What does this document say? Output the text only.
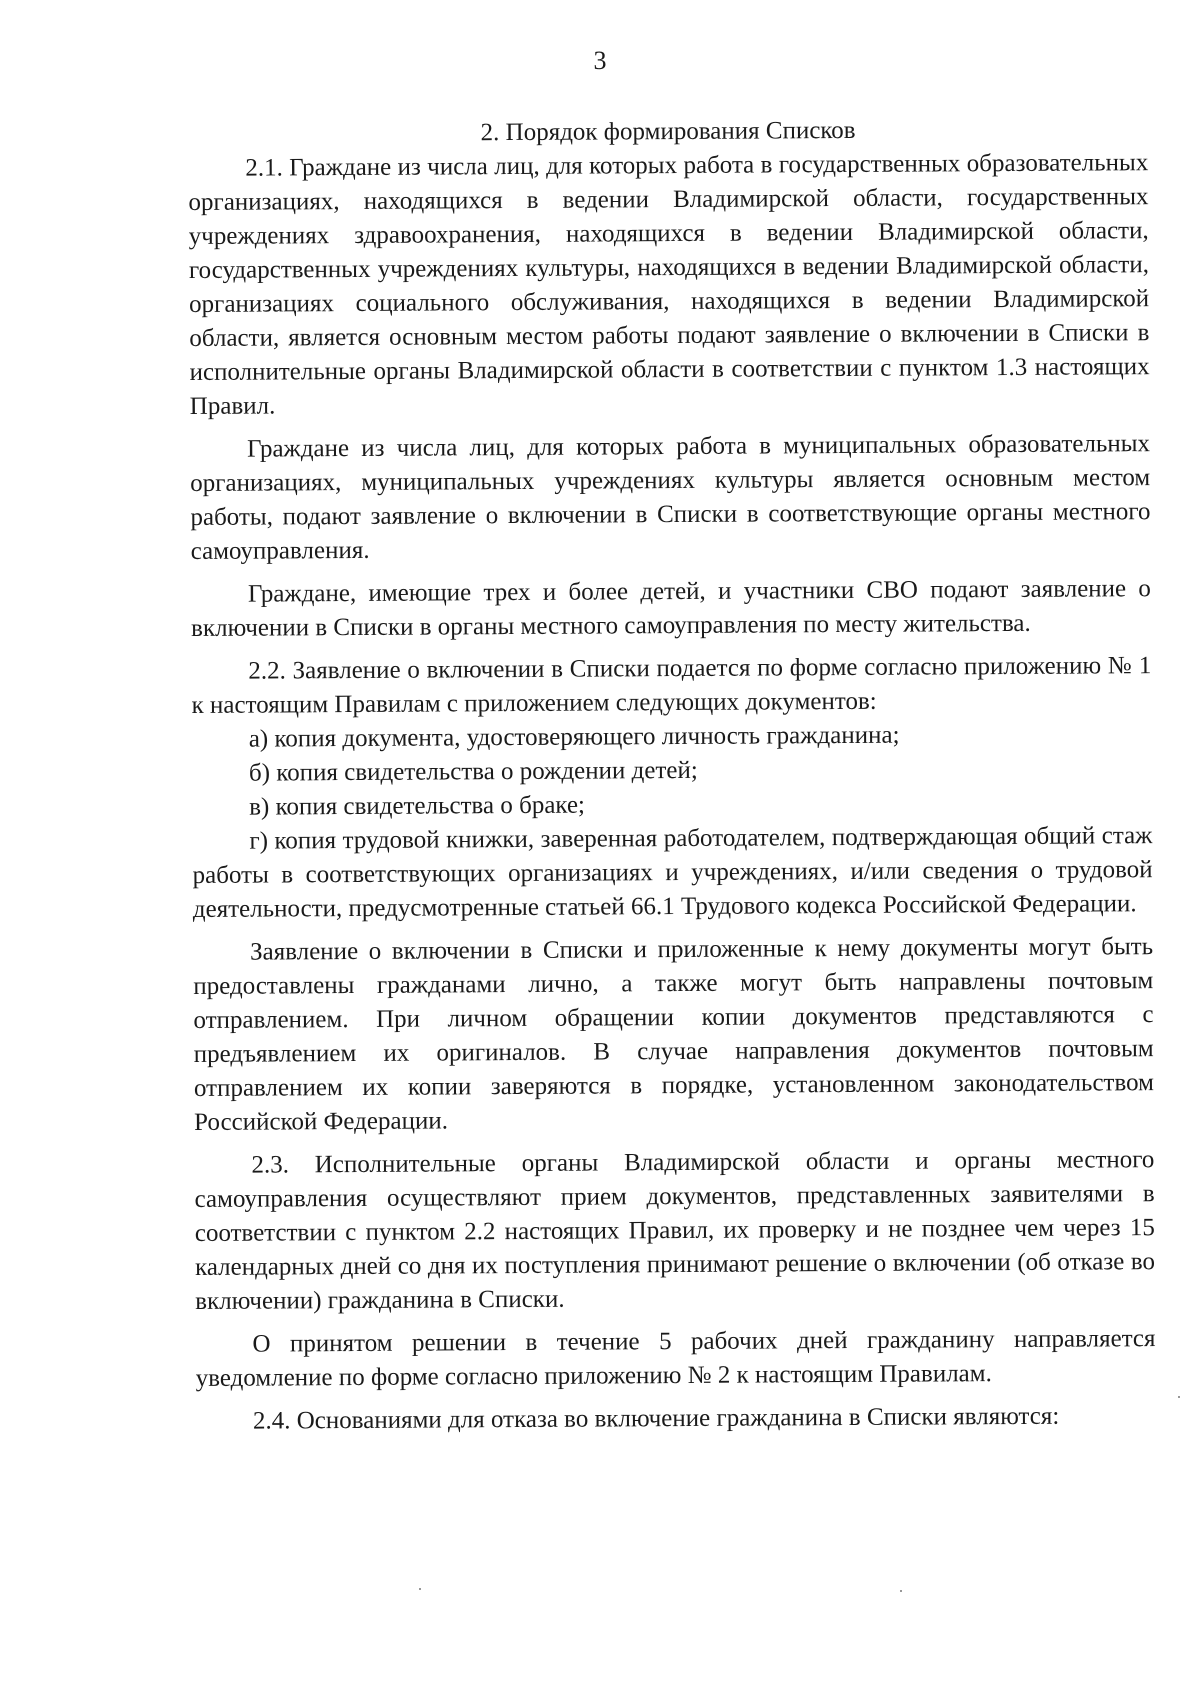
3
2. Порядок формирования Списков

2.1. Граждане из числа лиц, для которых работа в государственных образовательных организациях, находящихся в ведении Владимирской области, государственных учреждениях здравоохранения, находящихся в ведении Владимирской области, государственных учреждениях культуры, находящихся в ведении Владимирской области, организациях социального обслуживания, находящихся в ведении Владимирской области, является основным местом работы подают заявление о включении в Списки в исполнительные органы Владимирской области в соответствии с пунктом 1.3 настоящих Правил.

Граждане из числа лиц, для которых работа в муниципальных образовательных организациях, муниципальных учреждениях культуры является основным местом работы, подают заявление о включении в Списки в соответствующие органы местного самоуправления.

Граждане, имеющие трех и более детей, и участники СВО подают заявление о включении в Списки в органы местного самоуправления по месту жительства.

2.2. Заявление о включении в Списки подается по форме согласно приложению № 1 к настоящим Правилам с приложением следующих документов:

а) копия документа, удостоверяющего личность гражданина;

б) копия свидетельства о рождении детей;

в) копия свидетельства о браке;

г) копия трудовой книжки, заверенная работодателем, подтверждающая общий стаж работы в соответствующих организациях и учреждениях, и/или сведения о трудовой деятельности, предусмотренные статьей 66.1 Трудового кодекса Российской Федерации.

Заявление о включении в Списки и приложенные к нему документы могут быть предоставлены гражданами лично, а также могут быть направлены почтовым отправлением. При личном обращении копии документов представляются с предъявлением их оригиналов. В случае направления документов почтовым отправлением их копии заверяются в порядке, установленном законодательством Российской Федерации.

2.3. Исполнительные органы Владимирской области и органы местного самоуправления осуществляют прием документов, представленных заявителями в соответствии с пунктом 2.2 настоящих Правил, их проверку и не позднее чем через 15 календарных дней со дня их поступления принимают решение о включении (об отказе во включении) гражданина в Списки.

О принятом решении в течение 5 рабочих дней гражданину направляется уведомление по форме согласно приложению № 2 к настоящим Правилам.

2.4. Основаниями для отказа во включение гражданина в Списки являются:
